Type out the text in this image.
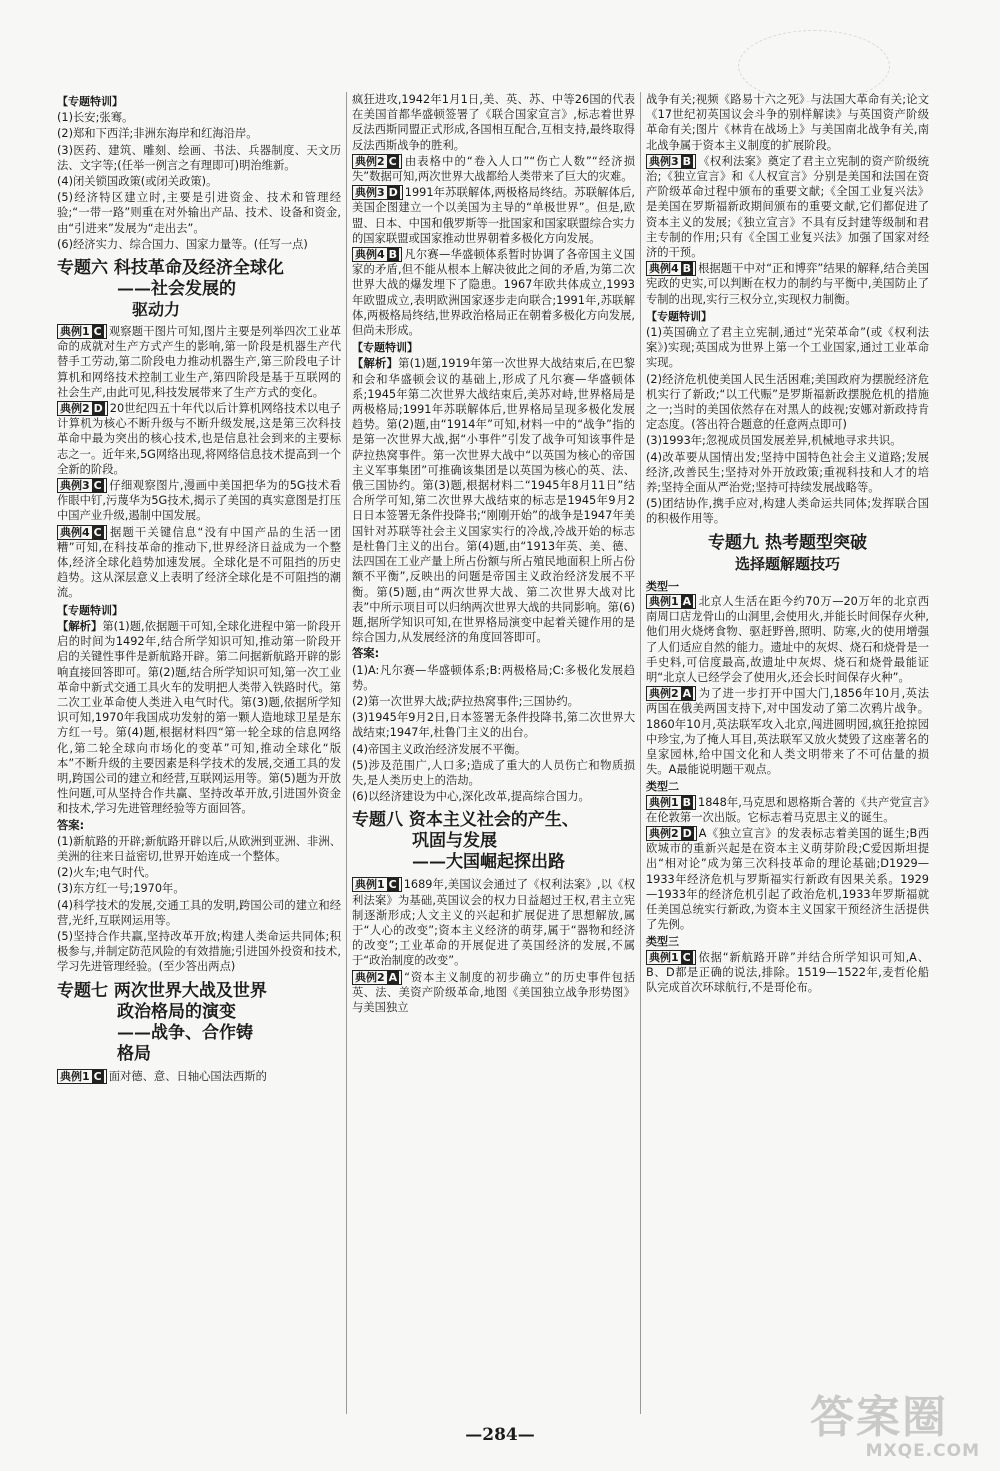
【 专题特训 】

(1)长安;张骞。

(2)郑和下西洋;非洲东海岸和红海沿岸。

(3)医药、建筑、雕刻、绘画、书法、兵器制度、天文历法、文字等;(任举一例言之有理即可)明治维新。

(4)闭关锁国政策(或闭关政策)。

(5)经济特区建立时,主要是引进资金、技术和管理经验;“一带一路”则重在对外输出产品、技术、设备和资金,由“引进来”发展为“走出去”。

(6)经济实力、综合国力、国家力量等。(任写一点)

专题六 科技革命及经济全球化
——社会发展的
驱动力

典例1 C 观察题干图片可知,图片主要是列举四次工业革命的成就对生产方式产生的影响,第一阶段是机器生产代替手工劳动,第二阶段电力推动机器生产,第三阶段电子计算机和网络技术控制工业生产,第四阶段是基于互联网的社会生产,由此可见,科技发展带来了生产方式的变化。

典例2 D 20世纪四五十年代以后计算机网络技术以电子计算机为核心不断升级与不断升级发展,这是第三次科技革命中最为突出的核心技术,也是信息社会到来的主要标志之一。近年来,5G网络出现,将网络信息技术提高到一个全新的阶段。

典例3 C 仔细观察图片,漫画中美国把华为的5G技术看作眼中钉,污蔑华为5G技术,揭示了美国的真实意图是打压中国产业升级,遏制中国发展。

典例4 C 据题干关键信息“没有中国产品的生活一团糟”可知,在科技革命的推动下,世界经济日益成为一个整体,经济全球化趋势加速发展。全球化是不可阻挡的历史趋势。这从深层意义上表明了经济全球化是不可阻挡的潮流。

【 专题特训 】

【解析】第(1)题,依据题干可知,全球化进程中第一阶段开启的时间为1492年,结合所学知识可知,推动第一阶段开启的关键性事件是新航路开辟。第二问据新航路开辟的影响直接回答即可。第(2)题,结合所学知识可知,第一次工业革命中新式交通工具火车的发明把人类带入铁路时代。第二次工业革命使人类进入电气时代。第(3)题,依据所学知识可知,1970年我国成功发射的第一颗人造地球卫星是东方红一号。第(4)题,根据材料四“第一轮全球的信息网络化,第二轮全球向市场化的变革”可知,推动全球化“版本”不断升级的主要因素是科学技术的发展,交通工具的发明,跨国公司的建立和经营,互联网运用等。第(5)题为开放性问题,可从坚持合作共赢、坚持改革开放,引进国外资金和技术,学习先进管理经验等方面回答。

答案:

(1)新航路的开辟;新航路开辟以后,从欧洲到亚洲、非洲、美洲的往来日益密切,世界开始连成一个整体。

(2)火车;电气时代。

(3)东方红一号;1970年。

(4)科学技术的发展,交通工具的发明,跨国公司的建立和经营,光纤,互联网运用等。

(5)坚持合作共赢,坚持改革开放;构建人类命运共同体;积极参与,并制定防范风险的有效措施;引进国外投资和技术,学习先进管理经验。(至少答出两点)

专题七 两次世界大战及世界
政治格局的演变
——战争、合作铸
格局

典例1 C 面对德、意、日轴心国法西斯的

疯狂进攻,1942年1月1日,美、英、苏、中等26国的代表在美国首都华盛顿签署了《联合国家宣言》,标志着世界反法西斯同盟正式形成,各国相互配合,互相支持,最终取得反法西斯战争的胜利。

典例2 C 由表格中的“卷入人口”“伤亡人数”“经济损失”数据可知,两次世界大战都给人类带来了巨大的灾难。

典例3 D 1991年苏联解体,两极格局终结。苏联解体后,美国企图建立一个以美国为主导的“单极世界”。但是,欧盟、日本、中国和俄罗斯等一批国家和国家联盟综合实力的国家联盟或国家推动世界朝着多极化方向发展。

典例4 B 凡尔赛—华盛顿体系暂时协调了各帝国主义国家的矛盾,但不能从根本上解决彼此之间的矛盾,为第二次世界大战的爆发埋下了隐患。1967年欧共体成立,1993年欧盟成立,表明欧洲国家逐步走向联合;1991年,苏联解体,两极格局终结,世界政治格局正在朝着多极化方向发展,但尚未形成。

【 专题特训 】

【解析】第(1)题,1919年第一次世界大战结束后,在巴黎和会和华盛顿会议的基础上,形成了凡尔赛—华盛顿体系;1945年第二次世界大战结束后,美苏对峙,世界格局是两极格局;1991年苏联解体后,世界格局呈现多极化发展趋势。第(2)题,由“1914年”可知,材料一中的“战争”指的是第一次世界大战,据“小事件”引发了战争可知该事件是萨拉热窝事件。第一次世界大战中“以英国为核心的帝国主义军事集团”可推确该集团是以英国为核心的英、法、俄三国协约。第(3)题,根据材料二“1945年8月11日”结合所学可知,第二次世界大战结束的标志是1945年9月2日日本签署无条件投降书;“刚刚开始”的战争是1947年美国针对苏联等社会主义国家实行的冷战,冷战开始的标志是杜鲁门主义的出台。第(4)题,由“1913年英、美、德、法四国在工业产量上所占份额与所占殖民地面积上所占份额不平衡”,反映出的问题是帝国主义政治经济发展不平衡。第(5)题,由“两次世界大战、第二次世界大战对比表”中所示项目可以归纳两次世界大战的共同影响。第(6)题,据所学知识可知,在世界格局演变中起着关键作用的是综合国力,从发展经济的角度回答即可。

答案:

(1)A:凡尔赛—华盛顿体系;B:两极格局;C:多极化发展趋势。

(2)第一次世界大战;萨拉热窝事件;三国协约。

(3)1945年9月2日,日本签署无条件投降书,第二次世界大战结束;1947年,杜鲁门主义的出台。

(4)帝国主义政治经济发展不平衡。

(5)涉及范围广,人口多;造成了重大的人员伤亡和物质损失,是人类历史上的浩劫。

(6)以经济建设为中心,深化改革,提高综合国力。

专题八 资本主义社会的产生、
巩固与发展
——大国崛起探出路

典例1 C 1689年,美国议会通过了《权利法案》,以《权利法案》为基础,英国议会的权力日益超过王权,君主立宪制逐渐形成;人文主义的兴起和扩展促进了思想解放,属于“人心的改变”;资本主义经济的萌芽,属于“器物和经济的改变”;工业革命的开展促进了英国经济的发展,不属于“政治制度的改变”。

典例2 A “资本主义制度的初步确立”的历史事件包括英、法、美资产阶级革命,地图《美国独立战争形势图》与美国独立

战争有关;视频《路易十六之死》与法国大革命有关;论文《17世纪初英国议会斗争的别样解读》与英国资产阶级革命有关;图片《林肯在战场上》与美国南北战争有关,南北战争属于资本主义制度的扩展阶段。

典例3 B 《权利法案》奠定了君主立宪制的资产阶级统治;《独立宣言》和《人权宣言》分别是美国和法国在资产阶级革命过程中颁布的重要文献;《全国工业复兴法》是美国在罗斯福新政期间颁布的重要文献,它们都促进了资本主义的发展;《独立宣言》不具有反封建等级制和君主专制的作用;只有《全国工业复兴法》加强了国家对经济的干预。

典例4 B 根据题干中对“正和博弈”结果的解释,结合美国宪政的史实,可以判断在权力的制约与平衡中,美国防止了专制的出现,实行三权分立,实现权力制衡。

【 专题特训 】

(1)英国确立了君主立宪制,通过“光荣革命”(或《权利法案》)实现;英国成为世界上第一个工业国家,通过工业革命实现。

(2)经济危机使美国人民生活困难;美国政府为摆脱经济危机实行了新政;“以工代赈”是罗斯福新政摆脱危机的措施之一;当时的美国依然存在对黑人的歧视;安娜对新政持肯定态度。(答出符合题意的任意两点即可)

(3)1993年;忽视成员国发展差异,机械地寻求共识。

(4)改革要从国情出发;坚持中国特色社会主义道路;发展经济,改善民生;坚持对外开放政策;重视科技和人才的培养;坚持全面从严治党;坚持可持续发展战略等。

(5)团结协作,携手应对,构建人类命运共同体;发挥联合国的积极作用等。

专题九 热考题型突破
选择题解题技巧
类型一

典例1 A 北京人生活在距今约70万—20万年的北京西南周口店龙骨山的山洞里,会使用火,并能长时间保存火种,他们用火烧烤食物、驱赶野兽,照明、防寒,火的使用增强了人们适应自然的能力。遗址中的灰烬、烧石和烧骨是一手史料,可信度最高,故遗址中灰烬、烧石和烧骨最能证明“北京人已经学会了使用火,还会长时间保存火种”。

典例2 A 为了进一步打开中国大门,1856年10月,英法两国在俄美两国支持下,对中国发动了第二次鸦片战争。1860年10月,英法联军攻入北京,闯进圆明园,疯狂抢掠园中珍宝,为了掩人耳目,英法联军又放火焚毁了这座著名的皇家园林,给中国文化和人类文明带来了不可估量的损失。A最能说明题干观点。

类型二

典例1 B 1848年,马克思和恩格斯合著的《共产党宣言》在伦敦第一次出版。它标志着马克思主义的诞生。

典例2 D A《独立宣言》的发表标志着美国的诞生;B西欧城市的重新兴起是在资本主义萌芽阶段;C爱因斯坦提出“相对论”成为第三次科技革命的理论基础;D1929—1933年经济危机与罗斯福实行新政有因果关系。1929—1933年的经济危机引起了政治危机,1933年罗斯福就任美国总统实行新政,为资本主义国家干预经济生活提供了先例。

类型三

典例1 C 依据“新航路开辟”并结合所学知识可知,A、B、D都是正确的说法,排除。1519—1522年,麦哲伦船队完成首次环球航行,不是哥伦布。

—284—	答案圈
MXQE.COM
